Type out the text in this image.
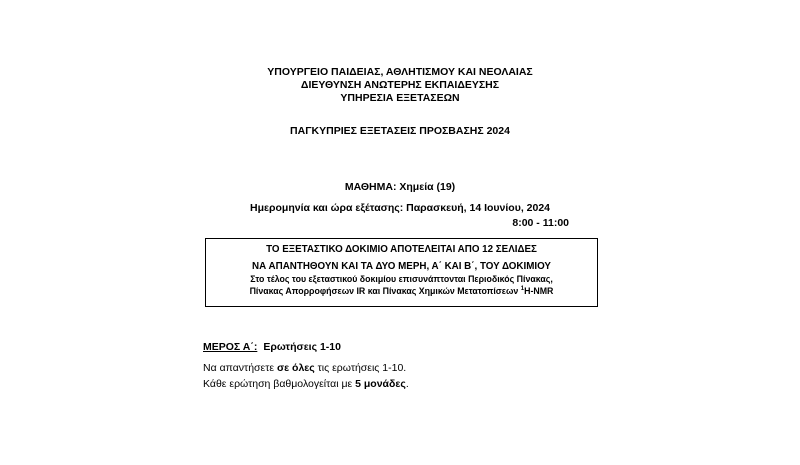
ΥΠΟΥΡΓΕΙΟ ΠΑΙΔΕΙΑΣ, ΑΘΛΗΤΙΣΜΟΥ ΚΑΙ ΝΕΟΛΑΙΑΣ
ΔΙΕΥΘΥΝΣΗ ΑΝΩΤΕΡΗΣ ΕΚΠΑΙΔΕΥΣΗΣ
ΥΠΗΡΕΣΙΑ ΕΞΕΤΑΣΕΩΝ
ΠΑΓΚΥΠΡΙΕΣ ΕΞΕΤΑΣΕΙΣ ΠΡΟΣΒΑΣΗΣ 2024
ΜΑΘΗΜΑ: Χημεία (19)
Ημερομηνία και ώρα εξέτασης: Παρασκευή, 14 Ιουνίου, 2024
8:00 - 11:00
ΤΟ ΕΞΕΤΑΣΤΙΚΟ ΔΟΚΙΜΙΟ ΑΠΟΤΕΛΕΙΤΑΙ ΑΠΟ 12 ΣΕΛΙΔΕΣ
ΝΑ ΑΠΑΝΤΗΘΟΥΝ ΚΑΙ ΤΑ ΔΥΟ ΜΕΡΗ, Α΄ ΚΑΙ Β΄, ΤΟΥ ΔΟΚΙΜΙΟΥ
Στο τέλος του εξεταστικού δοκιμίου επισυνάπτονται Περιοδικός Πίνακας,
Πίνακας Απορροφήσεων IR και Πίνακας Χημικών Μετατοπίσεων $^1$H-NMR
ΜΕΡΟΣ Α΄: Ερωτήσεις 1-10
Να απαντήσετε σε όλες τις ερωτήσεις 1-10.
Κάθε ερώτηση βαθμολογείται με 5 μονάδες.
